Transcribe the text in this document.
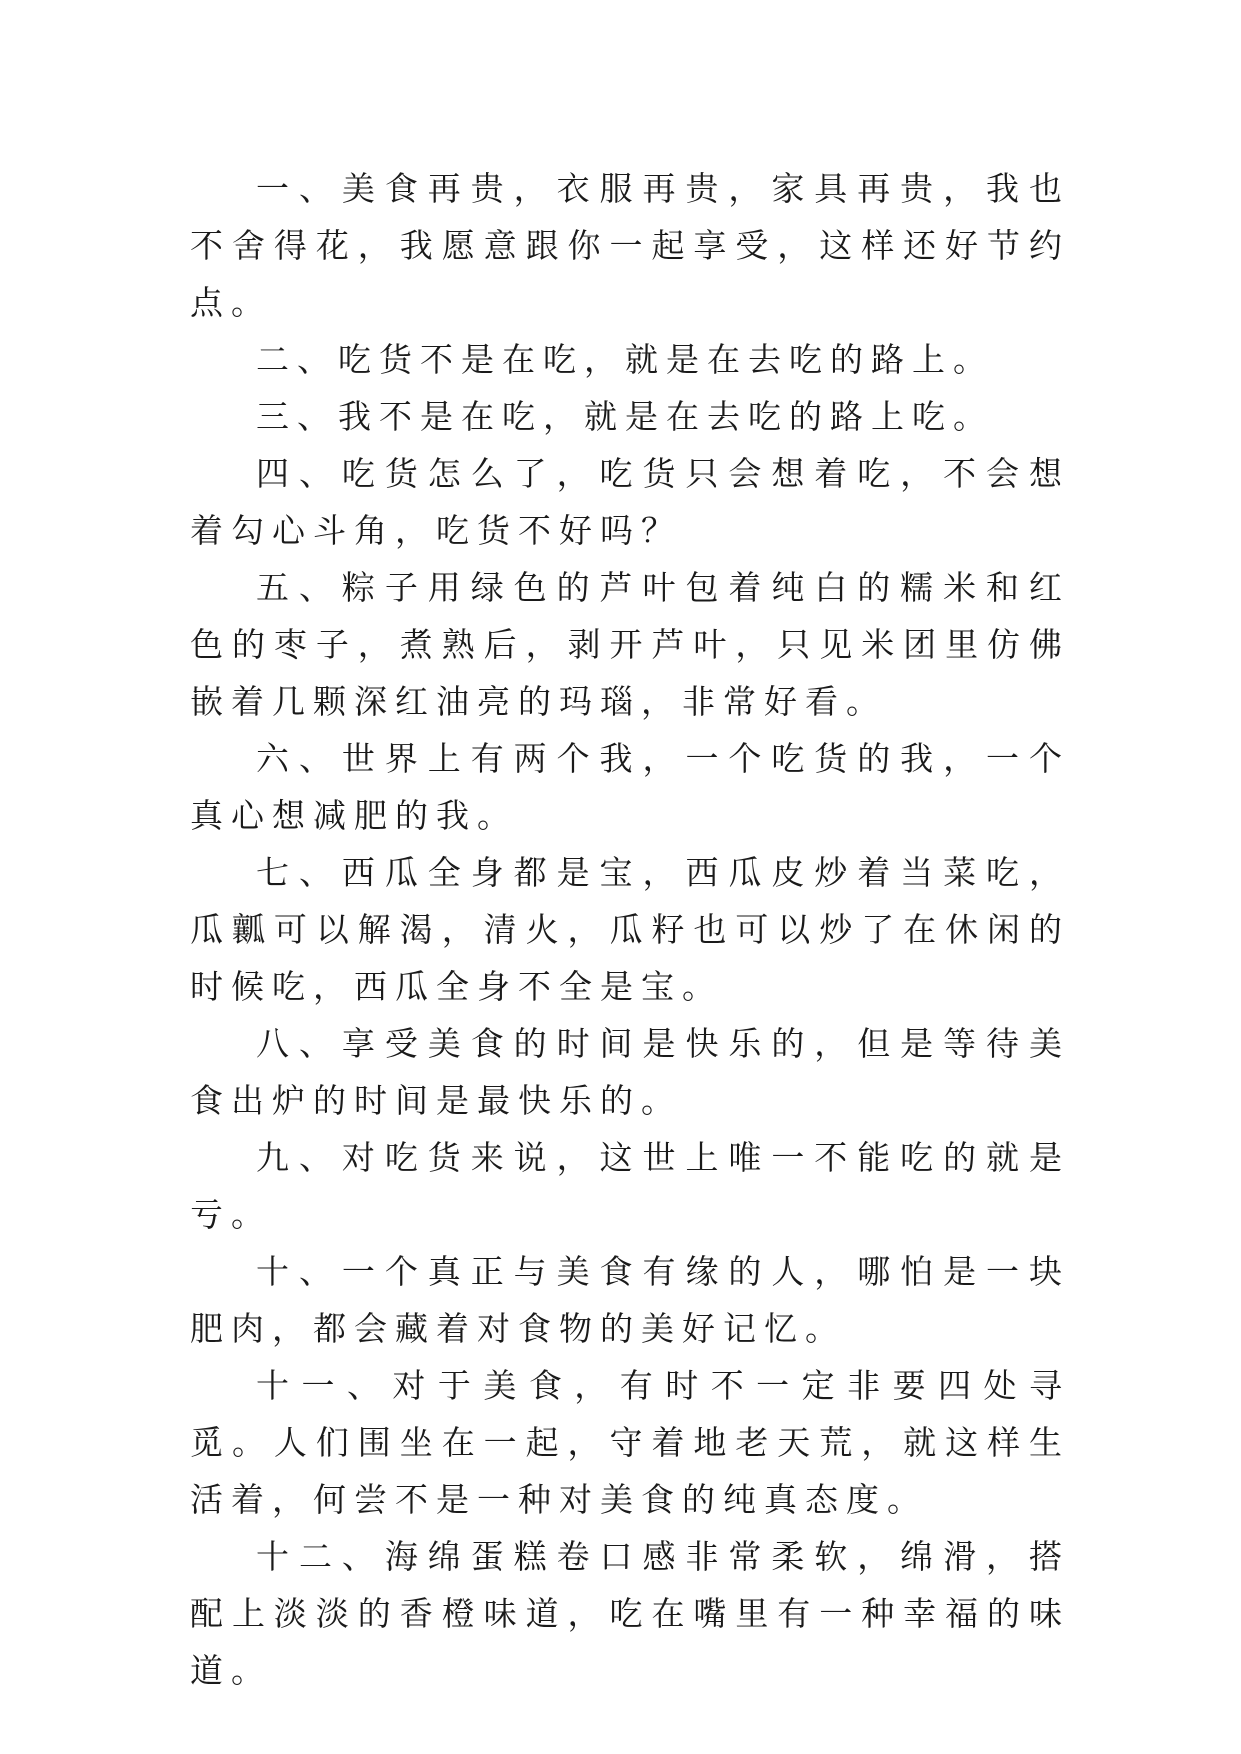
一、美食再贵，衣服再贵，家具再贵，我也不舍得花，我愿意跟你一起享受，这样还好节约点。

二、吃货不是在吃，就是在去吃的路上。

三、我不是在吃，就是在去吃的路上吃。

四、吃货怎么了，吃货只会想着吃，不会想着勾心斗角，吃货不好吗？

五、粽子用绿色的芦叶包着纯白的糯米和红色的枣子，煮熟后，剥开芦叶，只见米团里仿佛嵌着几颗深红油亮的玛瑙，非常好看。

六、世界上有两个我，一个吃货的我，一个真心想减肥的我。

七、西瓜全身都是宝，西瓜皮炒着当菜吃，瓜瓤可以解渴，清火，瓜籽也可以炒了在休闲的时候吃，西瓜全身不全是宝。

八、享受美食的时间是快乐的，但是等待美食出炉的时间是最快乐的。

九、对吃货来说，这世上唯一不能吃的就是亏。

十、一个真正与美食有缘的人，哪怕是一块肥肉，都会藏着对食物的美好记忆。

十一、对于美食，有时不一定非要四处寻觅。人们围坐在一起，守着地老天荒，就这样生活着，何尝不是一种对美食的纯真态度。

十二、海绵蛋糕卷口感非常柔软，绵滑，搭配上淡淡的香橙味道，吃在嘴里有一种幸福的味道。
